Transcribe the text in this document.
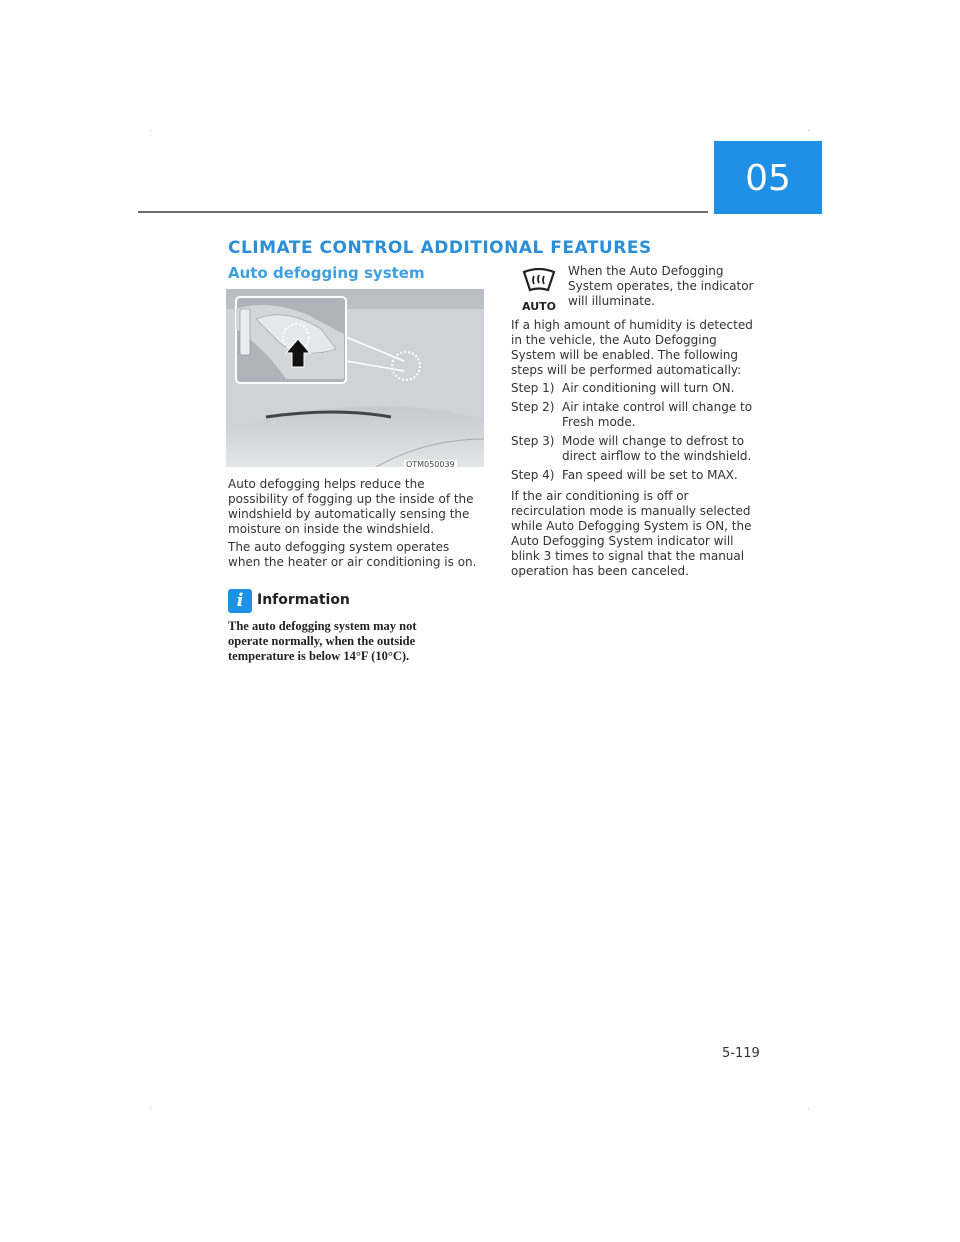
05
CLIMATE CONTROL ADDITIONAL FEATURES
Auto defogging system
OTM050039
Auto defogging helps reduce the
possibility of fogging up the inside of the
windshield by automatically sensing the
moisture on inside the windshield.
The auto defogging system operates
when the heater or air conditioning is on.
i Information
The auto defogging system may not
operate normally, when the outside
temperature is below 14°F (10°C).
AUTO
When the Auto Defogging
System operates, the indicator
will illuminate.
If a high amount of humidity is detected
in the vehicle, the Auto Defogging
System will be enabled. The following
steps will be performed automatically:
Step 1) Air conditioning will turn ON.
Step 2) Air intake control will change to
Fresh mode.
Step 3) Mode will change to defrost to
direct airflow to the windshield.
Step 4) Fan speed will be set to MAX.
If the air conditioning is off or
recirculation mode is manually selected
while Auto Defogging System is ON, the
Auto Defogging System indicator will
blink 3 times to signal that the manual
operation has been canceled.
5-119
